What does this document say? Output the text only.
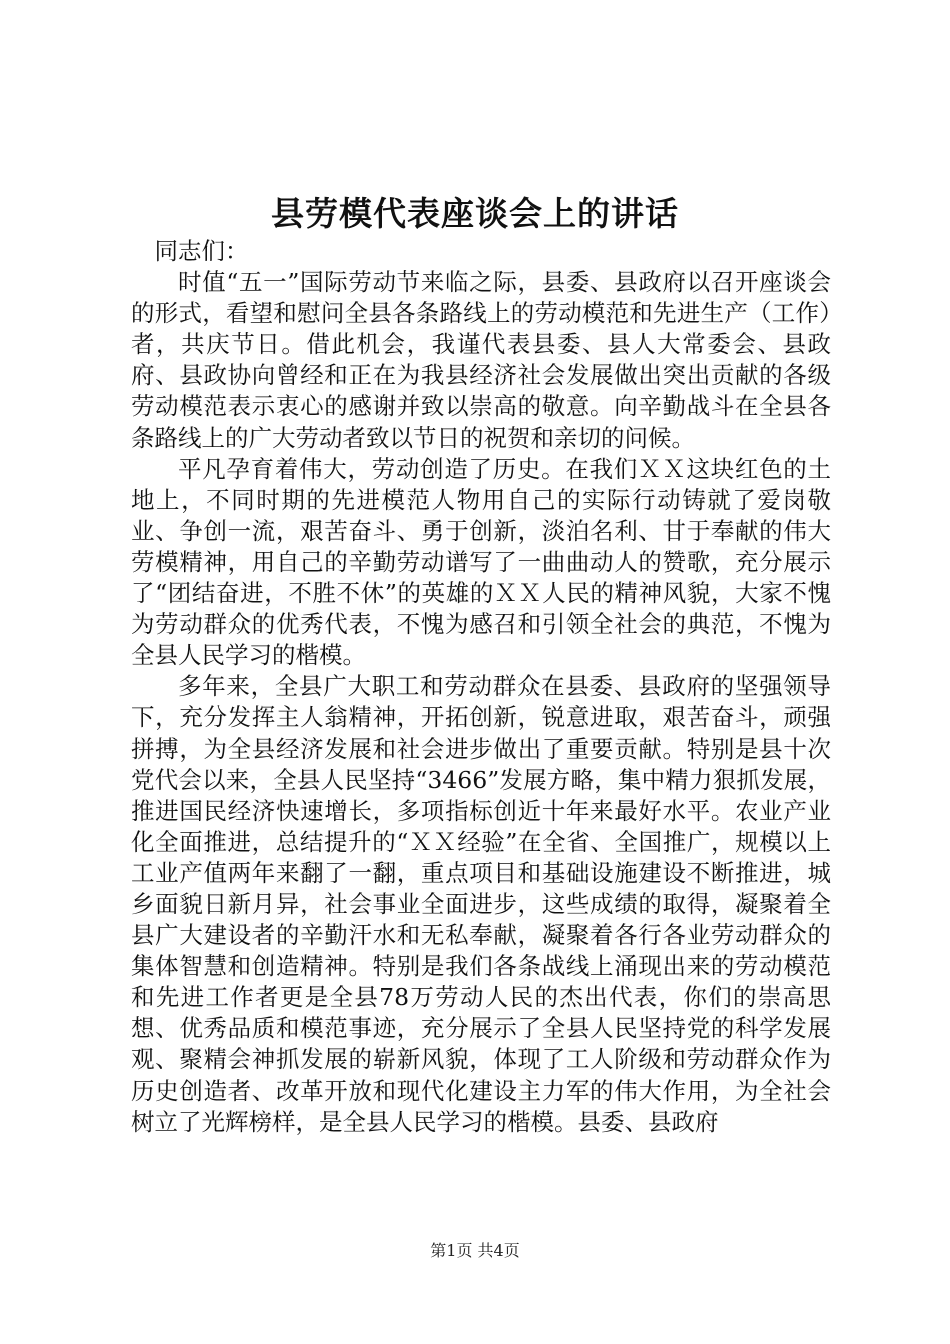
县劳模代表座谈会上的讲话

同志们：

时值“五一”国际劳动节来临之际，县委、县政府以召开座谈会的形式，看望和慰问全县各条路线上的劳动模范和先进生产（工作）者，共庆节日。借此机会，我谨代表县委、县人大常委会、县政府、县政协向曾经和正在为我县经济社会发展做出突出贡献的各级劳动模范表示衷心的感谢并致以崇高的敬意。向辛勤战斗在全县各条路线上的广大劳动者致以节日的祝贺和亲切的问候。

平凡孕育着伟大，劳动创造了历史。在我们ＸＸ这块红色的土地上，不同时期的先进模范人物用自己的实际行动铸就了爱岗敬业、争创一流，艰苦奋斗、勇于创新，淡泊名利、甘于奉献的伟大劳模精神，用自己的辛勤劳动谱写了一曲曲动人的赞歌，充分展示了“团结奋进，不胜不休”的英雄的ＸＸ人民的精神风貌，大家不愧为劳动群众的优秀代表，不愧为感召和引领全社会的典范，不愧为全县人民学习的楷模。

多年来，全县广大职工和劳动群众在县委、县政府的坚强领导下，充分发挥主人翁精神，开拓创新，锐意进取，艰苦奋斗，顽强拼搏，为全县经济发展和社会进步做出了重要贡献。特别是县十次党代会以来，全县人民坚持“3466”发展方略，集中精力狠抓发展，推进国民经济快速增长，多项指标创近十年来最好水平。农业产业化全面推进，总结提升的“ＸＸ经验”在全省、全国推广，规模以上工业产值两年来翻了一翻，重点项目和基础设施建设不断推进，城乡面貌日新月异，社会事业全面进步，这些成绩的取得，凝聚着全县广大建设者的辛勤汗水和无私奉献，凝聚着各行各业劳动群众的集体智慧和创造精神。特别是我们各条战线上涌现出来的劳动模范和先进工作者更是全县78万劳动人民的杰出代表，你们的崇高思想、优秀品质和模范事迹，充分展示了全县人民坚持党的科学发展观、聚精会神抓发展的崭新风貌，体现了工人阶级和劳动群众作为历史创造者、改革开放和现代化建设主力军的伟大作用，为全社会树立了光辉榜样，是全县人民学习的楷模。县委、县政府

第1页 共4页
